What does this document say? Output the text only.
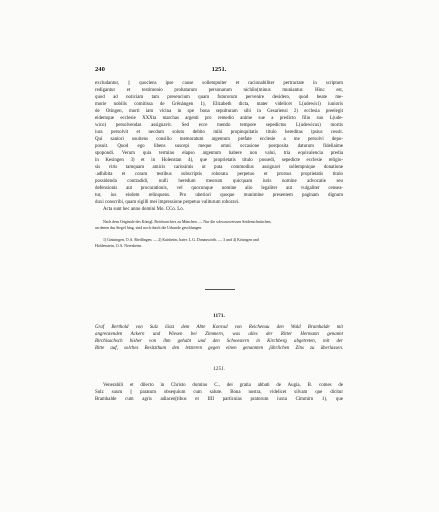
240	1251.
excludantur, || quociens ipse cause sollempniter et racionabiliter pertractate in scriptum
redigantur et testimonio probatarum personarum nichilo(minus muniantur. Hinc est,
quod ad noticiam tam presencium quam futurorum pervenire desidero, quod beate me-
morie nobilis comitissa de Grênàngen 1), Elizabeth dicta, mater videlicet L(udewici) iunioris
de Otingen, morti iam vicina in spe bona sepulturam sibi in Gesariensi 2) ecclesia preelegit
eidemque ecclesie XXXta marchas argenti pro remedio anime sue a predicto filio suo L(ude-
wico) persolvendas assignavit. Sed ecce mendo tempore sepedictus L(udewicus) mortis
iura persolvit et necdum soluto debito mihi propinquitatis titulo hereditas ipsius cessit.
Qui saniori usuitens consilio memoratum argentum prefate ecclesie a me persolvi depo-
posuit. Quod ego libens suscepi meque omni occasione postposita daturum fideliaime
spopondi. Verum quia termino elapso argentum habere non valui, tria equivalencia predia
in Kesingen 3) et in Holenstan 4), que proprietatis titulo possedi, sepedicte ecclesie religio-
sis viris tamquam amicis carissimis ut puta commodius assignavi sollempnique donatione
·adhibita et coram testibus subscriptis roborata perpetuo et prorsus proprietatis titulo
possidenda contradidi, nulli heredum meorum quicquam iuris nomine advocatie seu
defensionis aut procurationis, vel quocunque nomine alio legaliter aut vulgaliter censea-
tur, ius eisdem relinquens. Pro uberiori quoque munimine presentem paginam dignum
duxi conscribi, quam sigilli mei impressione perpetuo valiturum roboravi.
Acta sunt hec anno domini Mo. CCo. Lo.
Nach dem Originale des Königl. Reichsarchivs zu München. — Nur die schwarzweissen Seidenschnürchen,
an denen das Siegel hing, sind noch durch die Urkunde geschlungen.
1) Grüningen, O.A. Riedlingen. — 2) Kaisheim, baier. L.G. Donauwörth. — 3 und 4) Kösingen und
Hohlenstein, O.A. Neresheim.
1171.
Graf Berthold von Sulz lässt dem Abte Konrad von Reichenau den Wald Bramhalde mit
angrenzenden Äckern und Wiesen bei Zimmern, was alles der Ritter Hermann genannt
Birchisachsch bisher von ihm gehabt und den Schwestern in Kirchberg abgetreten, mit der
Bitte auf, solches Besitzthum den letzteren gegen einen genannten jährlichen Zins zu überlassen.
1251.
Venerabili et dilecto in Christo domino C., dei gratia abbati de Augia, B. comes de
Sulz suum || paratum obsequium cum salute. Bona nostra, videlicet silvam que dicitur
Bramhalde cum agris adiacen[tibus et IIII particulas pratorum iuxta Cimmirn 1), que
